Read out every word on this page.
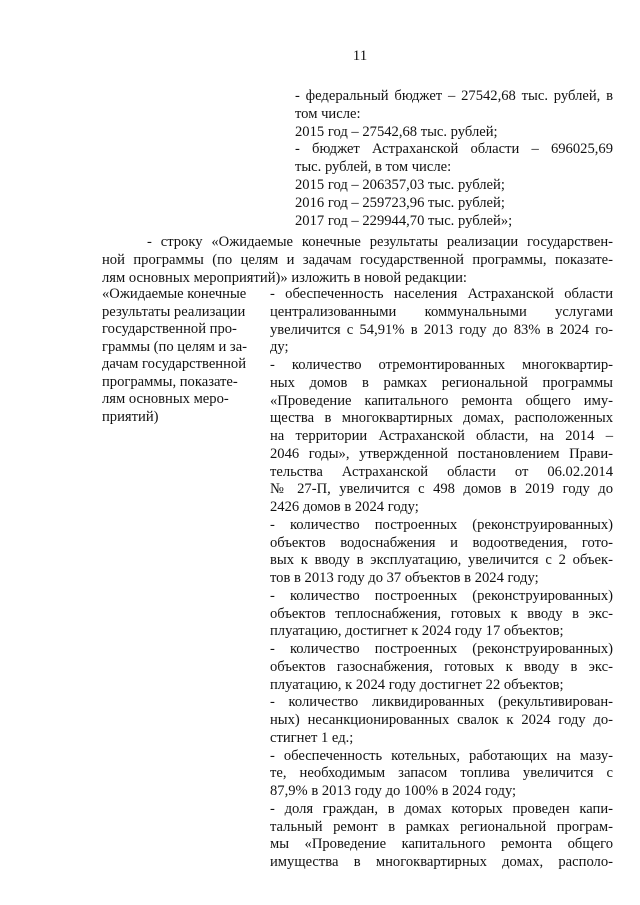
11
- федеральный бюджет – 27542,68 тыс. рублей, в
том числе:
2015 год – 27542,68 тыс. рублей;
- бюджет Астраханской области – 696025,69
тыс. рублей, в том числе:
2015 год – 206357,03 тыс. рублей;
2016 год – 259723,96 тыс. рублей;
2017 год – 229944,70 тыс. рублей»;
- строку «Ожидаемые конечные результаты реализации государствен-
ной программы (по целям и задачам государственной программы, показате-
лям основных мероприятий)» изложить в новой редакции:
«Ожидаемые конечные
результаты реализации
государственной про-
граммы (по целям и за-
дачам государственной
программы, показате-
лям основных меро-
приятий)
- обеспеченность населения Астраханской области
централизованными коммунальными услугами
увеличится с 54,91% в 2013 году до 83% в 2024 го-
ду;
- количество отремонтированных многоквартир-
ных домов в рамках региональной программы
«Проведение капитального ремонта общего иму-
щества в многоквартирных домах, расположенных
на территории Астраханской области, на 2014 –
2046 годы», утвержденной постановлением Прави-
тельства Астраханской области от 06.02.2014
№ 27-П, увеличится с 498 домов в 2019 году до
2426 домов в 2024 году;
- количество построенных (реконструированных)
объектов водоснабжения и водоотведения, гото-
вых к вводу в эксплуатацию, увеличится с 2 объек-
тов в 2013 году до 37 объектов в 2024 году;
- количество построенных (реконструированных)
объектов теплоснабжения, готовых к вводу в экс-
плуатацию, достигнет к 2024 году 17 объектов;
- количество построенных (реконструированных)
объектов газоснабжения, готовых к вводу в экс-
плуатацию, к 2024 году достигнет 22 объектов;
- количество ликвидированных (рекультивирован-
ных) несанкционированных свалок к 2024 году до-
стигнет 1 ед.;
- обеспеченность котельных, работающих на мазу-
те, необходимым запасом топлива увеличится с
87,9% в 2013 году до 100% в 2024 году;
- доля граждан, в домах которых проведен капи-
тальный ремонт в рамках региональной програм-
мы «Проведение капитального ремонта общего
имущества в многоквартирных домах, располо-
